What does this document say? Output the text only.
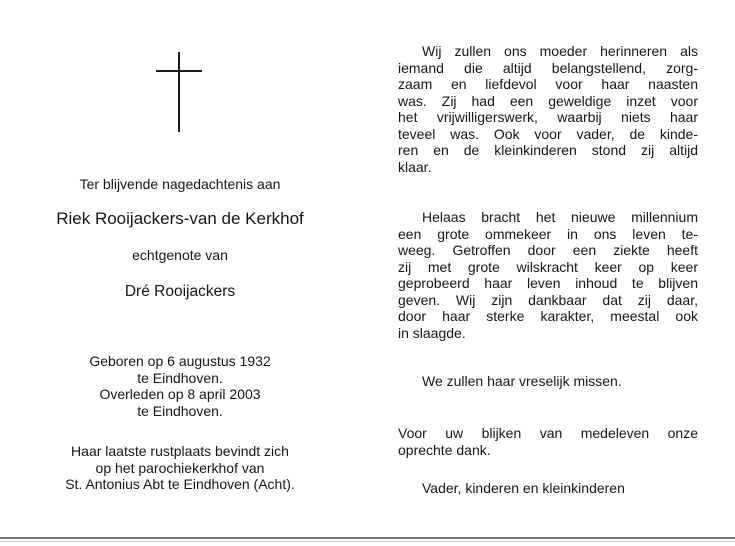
Ter blijvende nagedachtenis aan
Riek Rooijackers-van de Kerkhof
echtgenote van
Dré Rooijackers
Geboren op 6 augustus 1932
te Eindhoven.
Overleden op 8 april 2003
te Eindhoven.
Haar laatste rustplaats bevindt zich
op het parochiekerkhof van
St. Antonius Abt te Eindhoven (Acht).
Wij zullen ons moeder herinneren als
iemand die altijd belangstellend, zorg-
zaam en liefdevol voor haar naasten
was. Zij had een geweldige inzet voor
het vrijwilligerswerk, waarbij niets haar
teveel was. Ook voor vader, de kinde-
ren en de kleinkinderen stond zij altijd
klaar.
Helaas bracht het nieuwe millennium
een grote ommekeer in ons leven te-
weeg. Getroffen door een ziekte heeft
zij met grote wilskracht keer op keer
geprobeerd haar leven inhoud te blijven
geven. Wij zijn dankbaar dat zij daar,
door haar sterke karakter, meestal ook
in slaagde.
We zullen haar vreselijk missen.
Voor uw blijken van medeleven onze
oprechte dank.
Vader, kinderen en kleinkinderen
